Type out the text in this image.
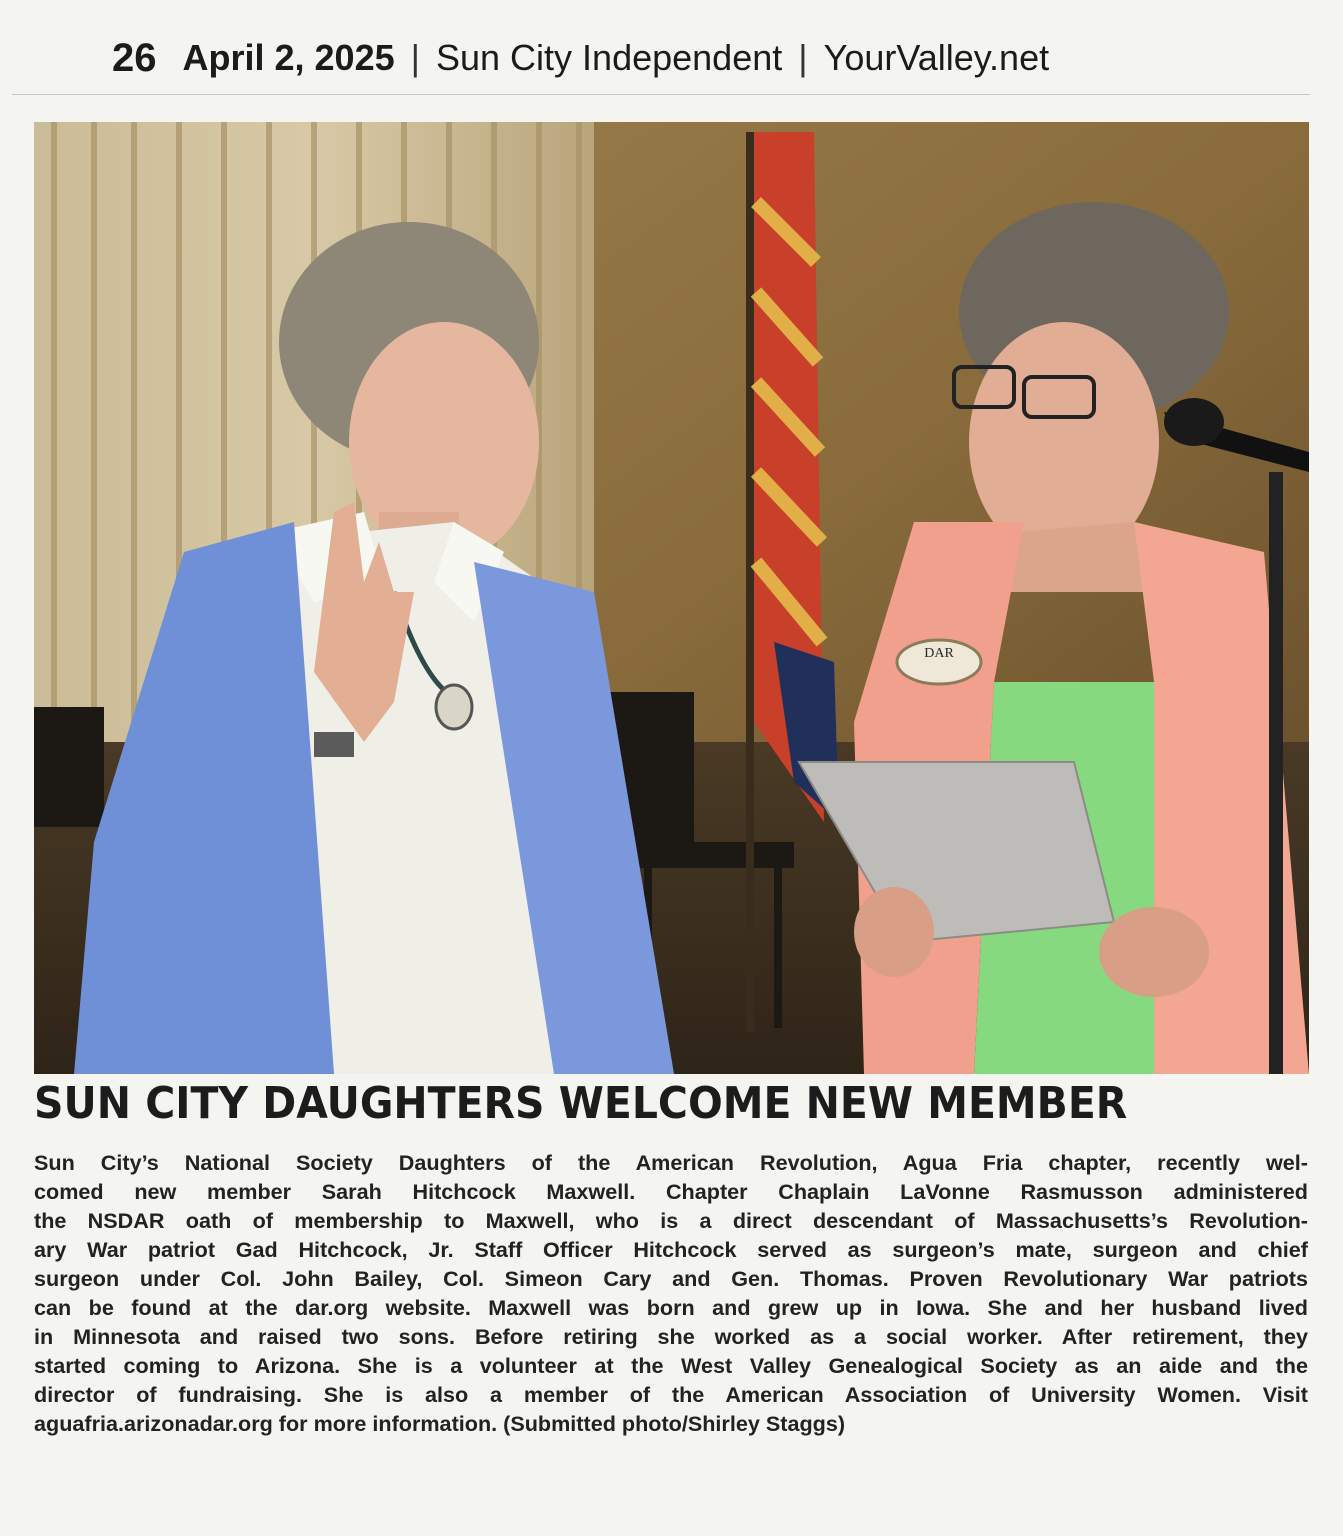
26 April 2, 2025 | Sun City Independent | YourValley.net
DAR
SUN CITY DAUGHTERS WELCOME NEW MEMBER
Sun City’s National Society Daughters of the American Revolution, Agua Fria chapter, recently wel-
comed new member Sarah Hitchcock Maxwell. Chapter Chaplain LaVonne Rasmusson administered
the NSDAR oath of membership to Maxwell, who is a direct descendant of Massachusetts’s Revolution-
ary War patriot Gad Hitchcock, Jr. Staff Officer Hitchcock served as surgeon’s mate, surgeon and chief
surgeon under Col. John Bailey, Col. Simeon Cary and Gen. Thomas. Proven Revolutionary War patriots
can be found at the dar.org website. Maxwell was born and grew up in Iowa. She and her husband lived
in Minnesota and raised two sons. Before retiring she worked as a social worker. After retirement, they
started coming to Arizona. She is a volunteer at the West Valley Genealogical Society as an aide and the
director of fundraising. She is also a member of the American Association of University Women. Visit
aguafria.arizonadar.org for more information. (Submitted photo/Shirley Staggs)
